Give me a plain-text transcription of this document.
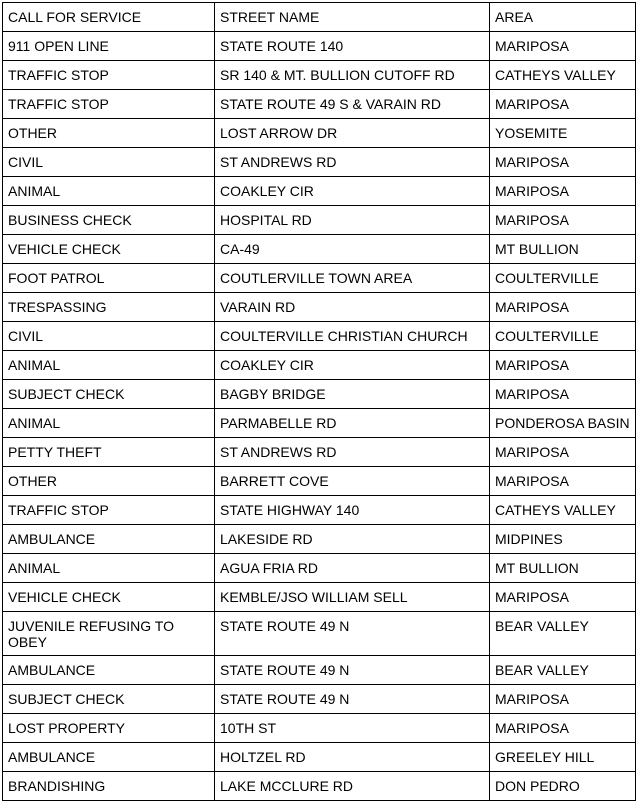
CALL FOR SERVICE	STREET NAME	AREA
911 OPEN LINE	STATE ROUTE 140	MARIPOSA
TRAFFIC STOP	SR 140 & MT. BULLION CUTOFF RD	CATHEYS VALLEY
TRAFFIC STOP	STATE ROUTE 49 S & VARAIN RD	MARIPOSA
OTHER	LOST ARROW DR	YOSEMITE
CIVIL	ST ANDREWS RD	MARIPOSA
ANIMAL	COAKLEY CIR	MARIPOSA
BUSINESS CHECK	HOSPITAL RD	MARIPOSA
VEHICLE CHECK	CA-49	MT BULLION
FOOT PATROL	COUTLERVILLE TOWN AREA	COULTERVILLE
TRESPASSING	VARAIN RD	MARIPOSA
CIVIL	COULTERVILLE CHRISTIAN CHURCH	COULTERVILLE
ANIMAL	COAKLEY CIR	MARIPOSA
SUBJECT CHECK	BAGBY BRIDGE	MARIPOSA
ANIMAL	PARMABELLE RD	PONDEROSA BASIN
PETTY THEFT	ST ANDREWS RD	MARIPOSA
OTHER	BARRETT COVE	MARIPOSA
TRAFFIC STOP	STATE HIGHWAY 140	CATHEYS VALLEY
AMBULANCE	LAKESIDE RD	MIDPINES
ANIMAL	AGUA FRIA RD	MT BULLION
VEHICLE CHECK	KEMBLE/JSO WILLIAM SELL	MARIPOSA
JUVENILE REFUSING TO OBEY	STATE ROUTE 49 N	BEAR VALLEY
AMBULANCE	STATE ROUTE 49 N	BEAR VALLEY
SUBJECT CHECK	STATE ROUTE 49 N	MARIPOSA
LOST PROPERTY	10TH ST	MARIPOSA
AMBULANCE	HOLTZEL RD	GREELEY HILL
BRANDISHING	LAKE MCCLURE RD	DON PEDRO
